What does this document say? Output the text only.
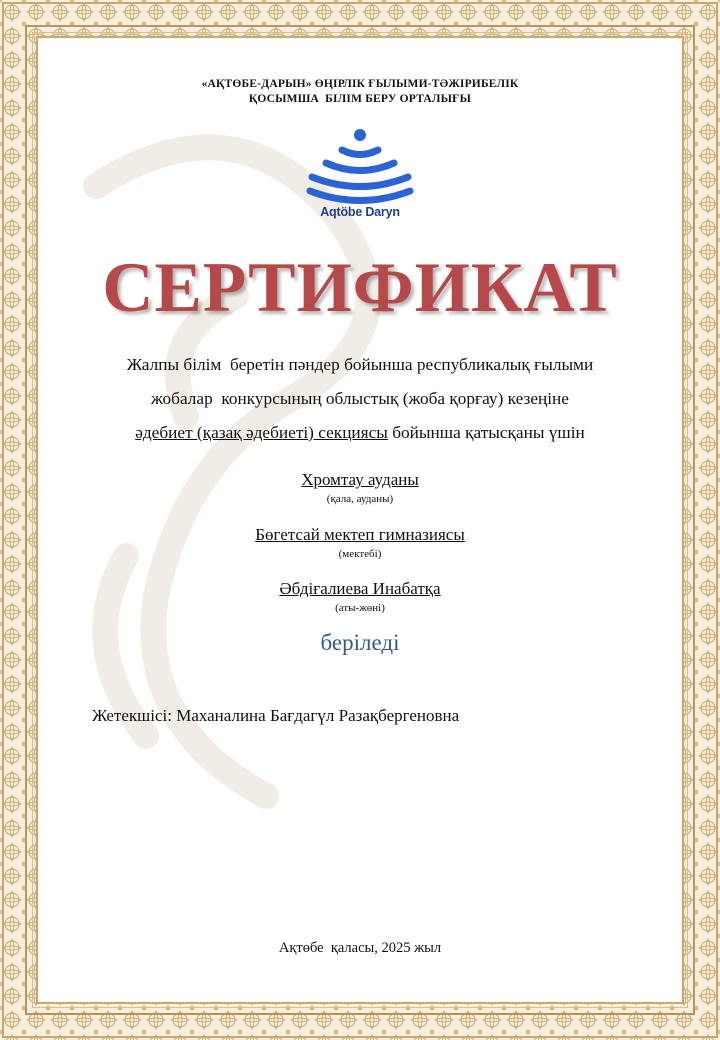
«АҚТӨБЕ-ДАРЫН» ӨҢІРЛІК ҒЫЛЫМИ-ТӘЖІРИБЕЛІК
ҚОСЫМША  БІЛІМ БЕРУ ОРТАЛЫҒЫ
Aqtöbe Daryn
СЕРТИФИКАТ
Жалпы білім  беретін пәндер бойынша республикалық ғылыми
жобалар  конкурсының облыстық (жоба қорғау) кезеңіне
әдебиет (қазақ әдебиеті) секциясы бойынша қатысқаны үшін
Хромтау ауданы
(қала, ауданы)
Бөгетсай мектеп гимназиясы
(мектебі)
Әбдіғалиева Инабатқа
(аты-жөні)
беріледі
Жетекшісі: Маханалина Бағдагүл Разақбергеновна
Ақтөбе  қаласы, 2025 жыл
